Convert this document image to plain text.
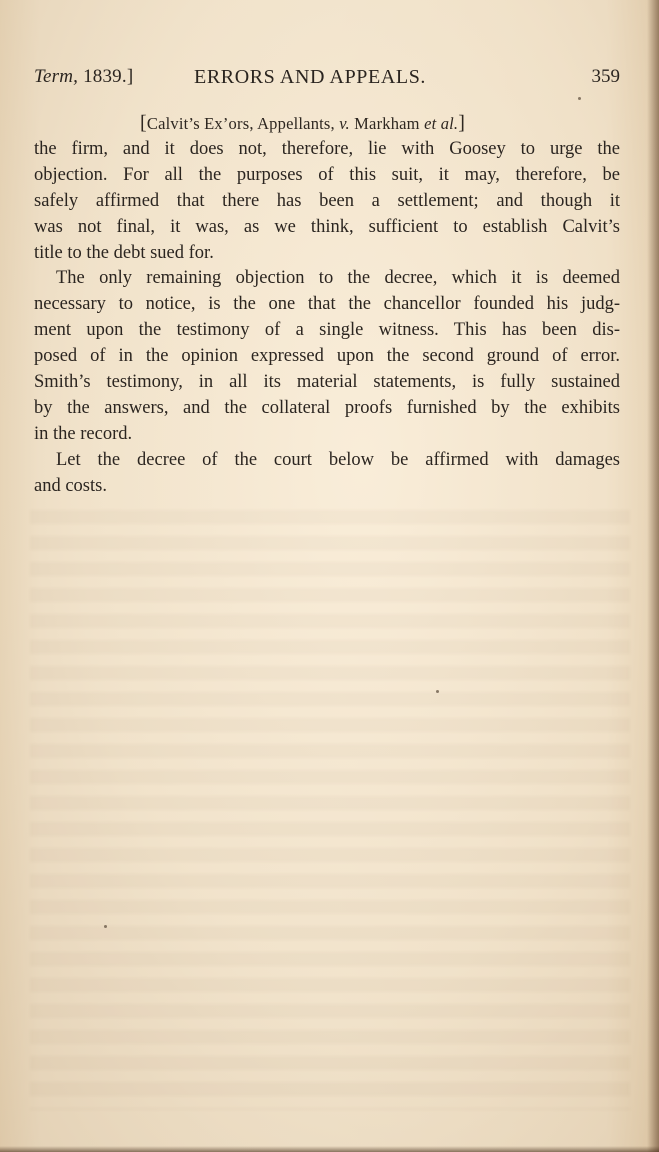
Term, 1839.]	ERRORS AND APPEALS.	359
[Calvit’s Ex’ors, Appellants, v. Markham et al.]
the firm, and it does not, therefore, lie with Goosey to urge the
objection. For all the purposes of this suit, it may, therefore, be
safely affirmed that there has been a settlement; and though it
was not final, it was, as we think, sufficient to establish Calvit’s
title to the debt sued for.
The only remaining objection to the decree, which it is deemed
necessary to notice, is the one that the chancellor founded his judg-
ment upon the testimony of a single witness. This has been dis-
posed of in the opinion expressed upon the second ground of error.
Smith’s testimony, in all its material statements, is fully sustained
by the answers, and the collateral proofs furnished by the exhibits
in the record.
Let the decree of the court below be affirmed with damages
and costs.
